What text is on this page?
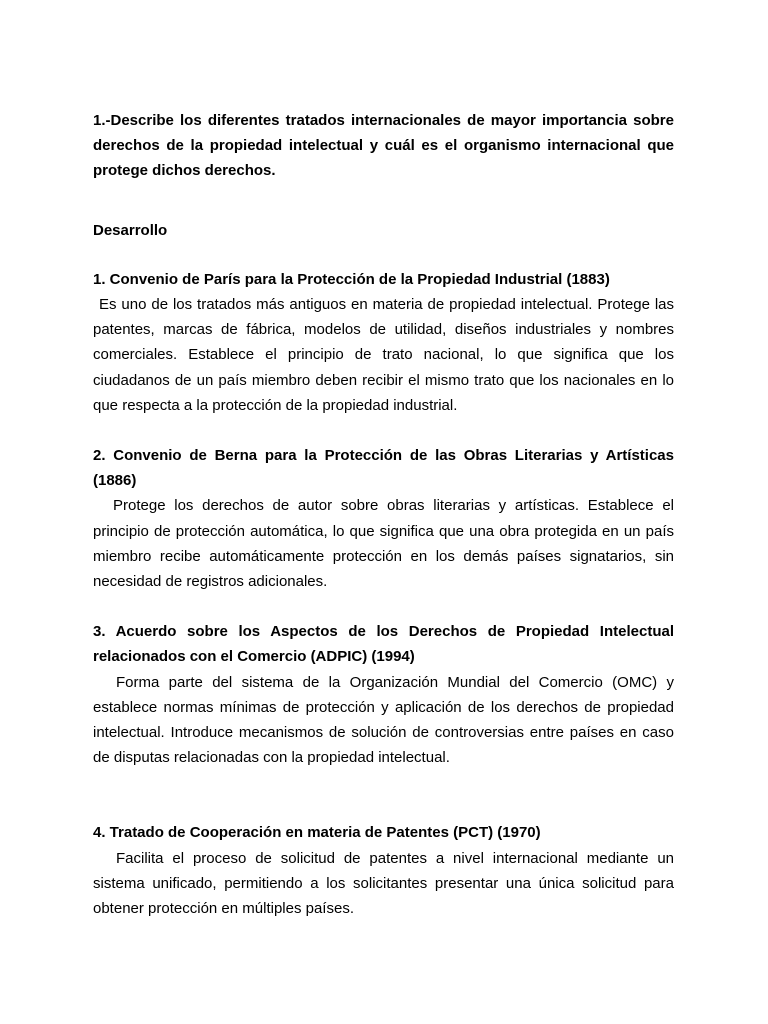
1.-Describe los diferentes tratados internacionales de mayor importancia sobre derechos de la propiedad intelectual y cuál es el organismo internacional que protege dichos derechos.

Desarrollo

1. Convenio de París para la Protección de la Propiedad Industrial (1883)

Es uno de los tratados más antiguos en materia de propiedad intelectual. Protege las patentes, marcas de fábrica, modelos de utilidad, diseños industriales y nombres comerciales. Establece el principio de trato nacional, lo que significa que los ciudadanos de un país miembro deben recibir el mismo trato que los nacionales en lo que respecta a la protección de la propiedad industrial.

2. Convenio de Berna para la Protección de las Obras Literarias y Artísticas (1886)

Protege los derechos de autor sobre obras literarias y artísticas. Establece el principio de protección automática, lo que significa que una obra protegida en un país miembro recibe automáticamente protección en los demás países signatarios, sin necesidad de registros adicionales.

3. Acuerdo sobre los Aspectos de los Derechos de Propiedad Intelectual relacionados con el Comercio (ADPIC) (1994)

Forma parte del sistema de la Organización Mundial del Comercio (OMC) y establece normas mínimas de protección y aplicación de los derechos de propiedad intelectual. Introduce mecanismos de solución de controversias entre países en caso de disputas relacionadas con la propiedad intelectual.

4. Tratado de Cooperación en materia de Patentes (PCT) (1970)

Facilita el proceso de solicitud de patentes a nivel internacional mediante un sistema unificado, permitiendo a los solicitantes presentar una única solicitud para obtener protección en múltiples países.
